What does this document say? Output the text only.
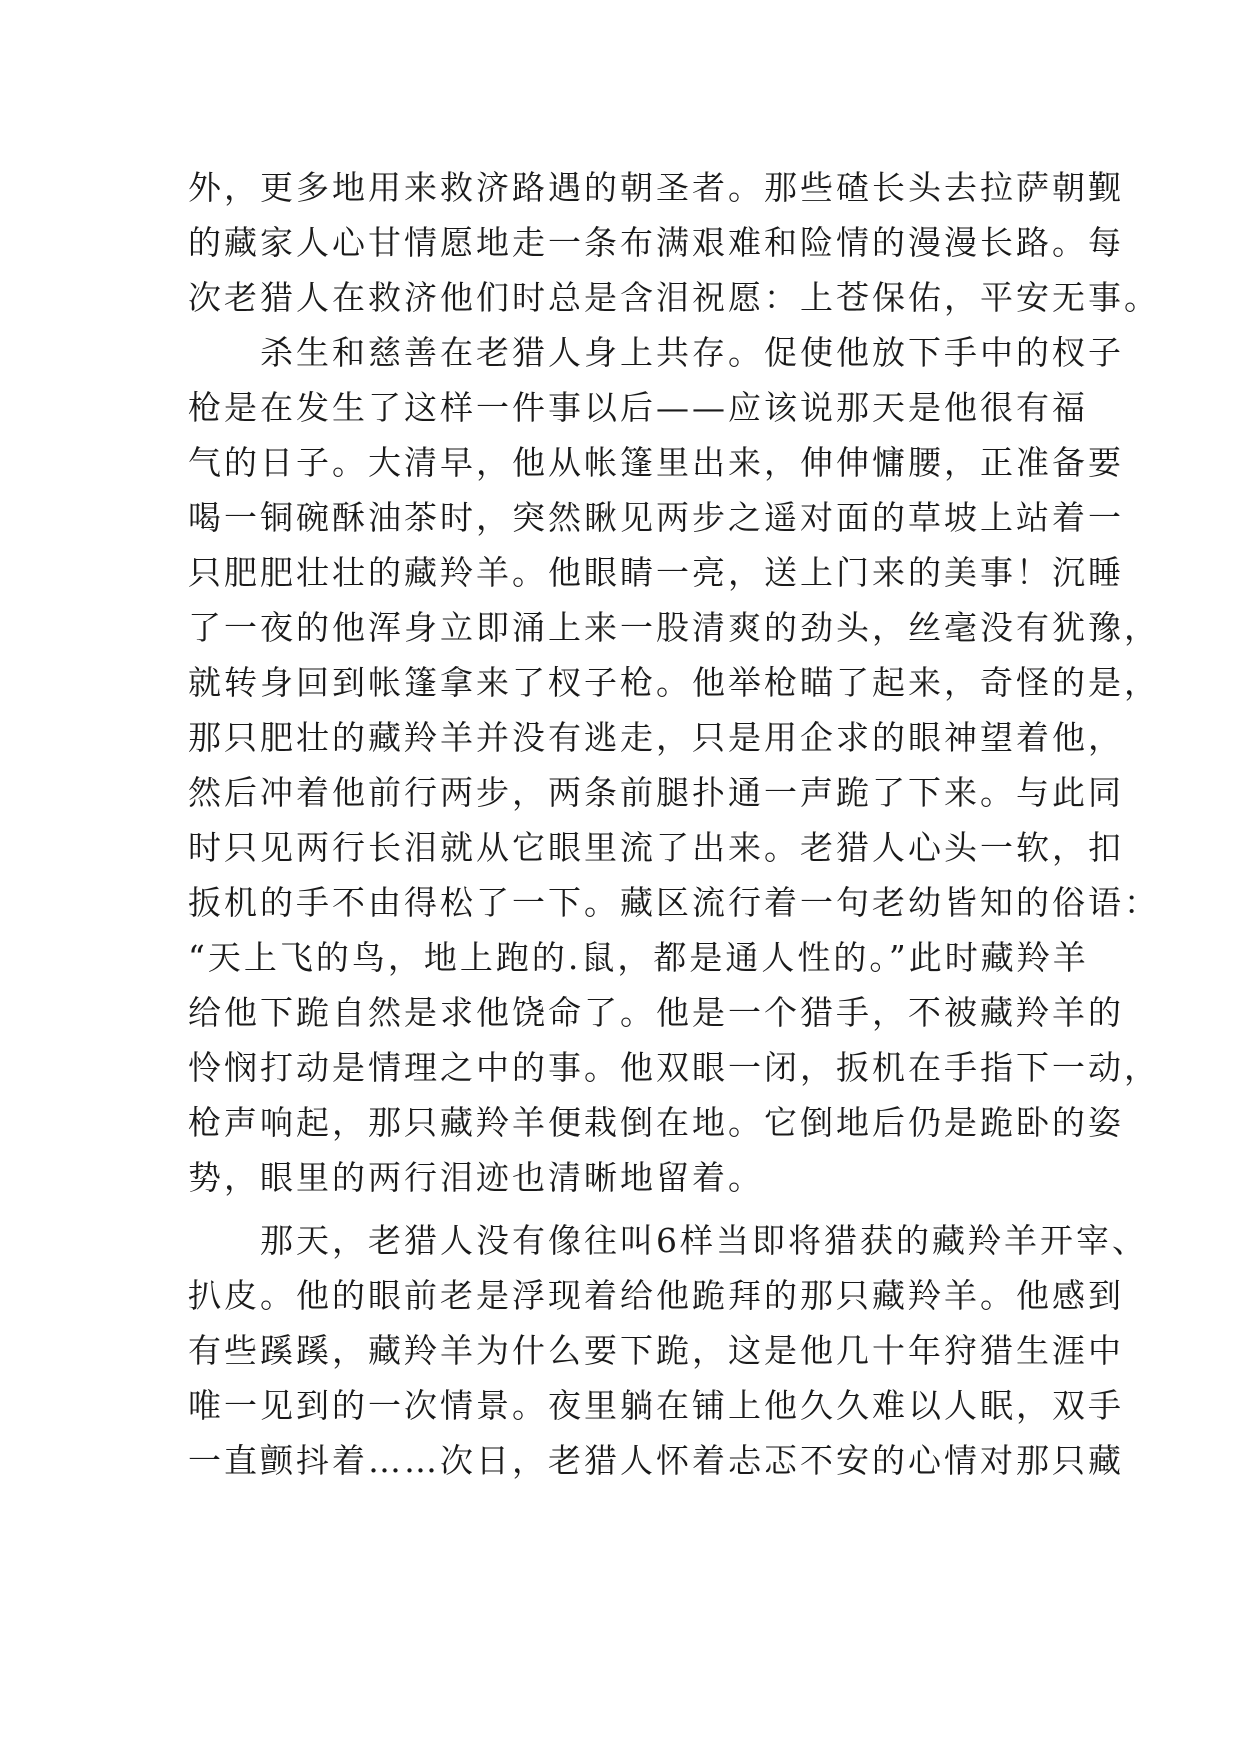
外，更多地用来救济路遇的朝圣者。那些碴长头去拉萨朝觐
的藏家人心甘情愿地走一条布满艰难和险情的漫漫长路。每
次老猎人在救济他们时总是含泪祝愿：上苍保佑，平安无事。
　　杀生和慈善在老猎人身上共存。促使他放下手中的杈子
枪是在发生了这样一件事以后——应该说那天是他很有福
气的日子。大清早，他从帐篷里出来，伸伸慵腰，正准备要
喝一铜碗酥油茶时，突然瞅见两步之遥对面的草坡上站着一
只肥肥壮壮的藏羚羊。他眼睛一亮，送上门来的美事！沉睡
了一夜的他浑身立即涌上来一股清爽的劲头，丝毫没有犹豫，
就转身回到帐篷拿来了杈子枪。他举枪瞄了起来，奇怪的是，
那只肥壮的藏羚羊并没有逃走，只是用企求的眼神望着他，
然后冲着他前行两步，两条前腿扑通一声跪了下来。与此同
时只见两行长泪就从它眼里流了出来。老猎人心头一软，扣
扳机的手不由得松了一下。藏区流行着一句老幼皆知的俗语：
“天上飞的鸟，地上跑的.鼠，都是通人性的。”此时藏羚羊
给他下跪自然是求他饶命了。他是一个猎手，不被藏羚羊的
怜悯打动是情理之中的事。他双眼一闭，扳机在手指下一动，
枪声响起，那只藏羚羊便栽倒在地。它倒地后仍是跪卧的姿
势，眼里的两行泪迹也清晰地留着。
　　那天，老猎人没有像往叫6样当即将猎获的藏羚羊开宰、
扒皮。他的眼前老是浮现着给他跪拜的那只藏羚羊。他感到
有些蹊蹊，藏羚羊为什么要下跪，这是他几十年狩猎生涯中
唯一见到的一次情景。夜里躺在铺上他久久难以人眠，双手
一直颤抖着……次日，老猎人怀着忐忑不安的心情对那只藏
